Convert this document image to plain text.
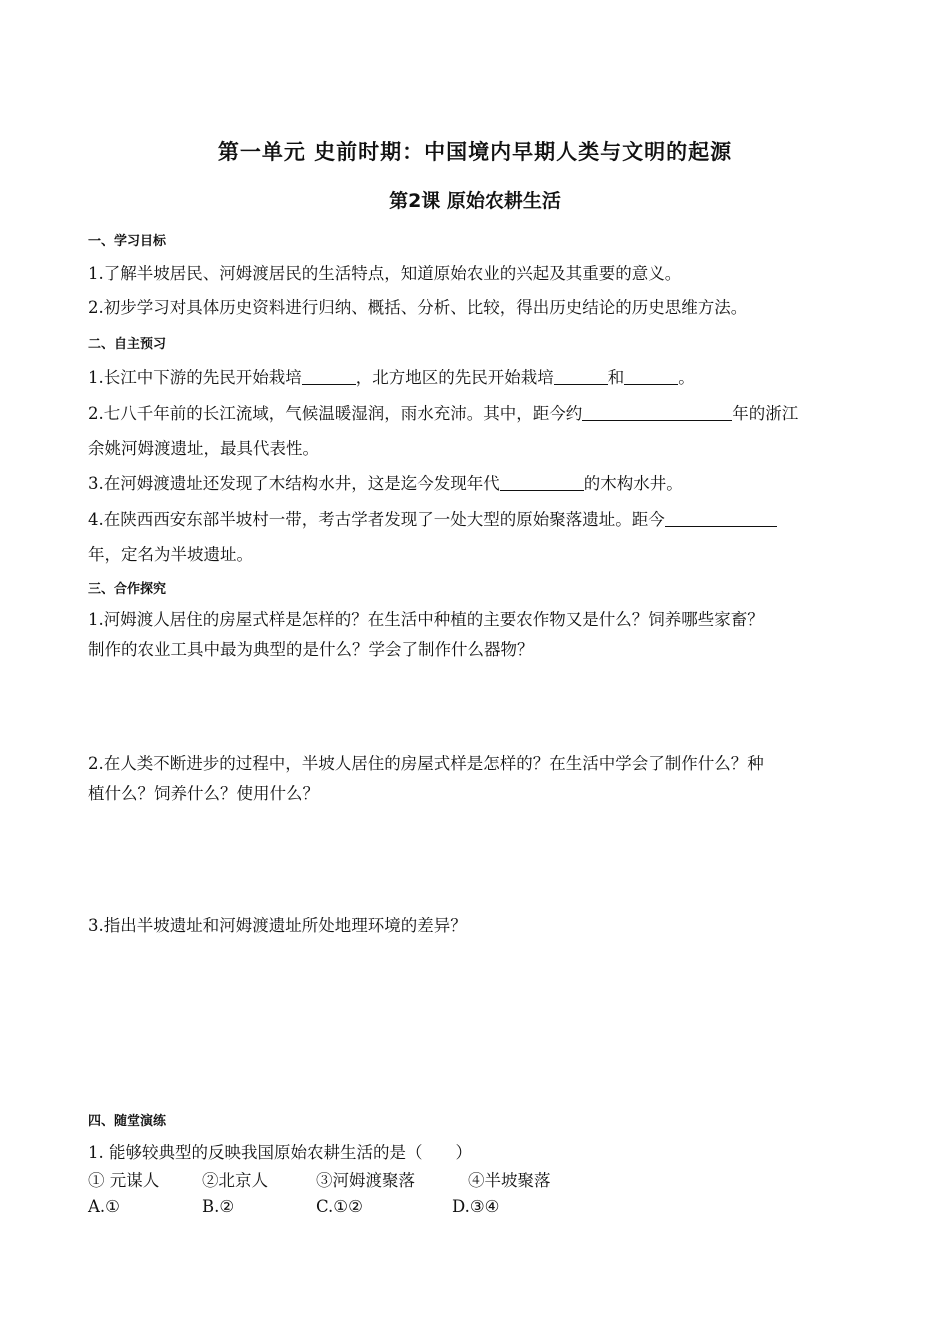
第一单元 史前时期：中国境内早期人类与文明的起源
第2课 原始农耕生活
一、学习目标
1.了解半坡居民、河姆渡居民的生活特点，知道原始农业的兴起及其重要的意义。
2.初步学习对具体历史资料进行归纳、概括、分析、比较，得出历史结论的历史思维方法。
二、自主预习
1.长江中下游的先民开始栽培	，北方地区的先民开始栽培	和	。
2.七八千年前的长江流域，气候温暖湿润，雨水充沛。其中，距今约	年的浙江
余姚河姆渡遗址，最具代表性。
3.在河姆渡遗址还发现了木结构水井，这是迄今发现年代	的木构水井。
4.在陕西西安东部半坡村一带，考古学者发现了一处大型的原始聚落遗址。距今
年，定名为半坡遗址。
三、合作探究
1.河姆渡人居住的房屋式样是怎样的？在生活中种植的主要农作物又是什么？饲养哪些家畜？
制作的农业工具中最为典型的是什么？学会了制作什么器物？
2.在人类不断进步的过程中，半坡人居住的房屋式样是怎样的？在生活中学会了制作什么？种
植什么？饲养什么？使用什么？
3.指出半坡遗址和河姆渡遗址所处地理环境的差异？
四、随堂演练
1. 能够较典型的反映我国原始农耕生活的是（　　）
① 元谋人	②北京人	③河姆渡聚落	④半坡聚落
A.①	B.②	C.①②	D.③④
